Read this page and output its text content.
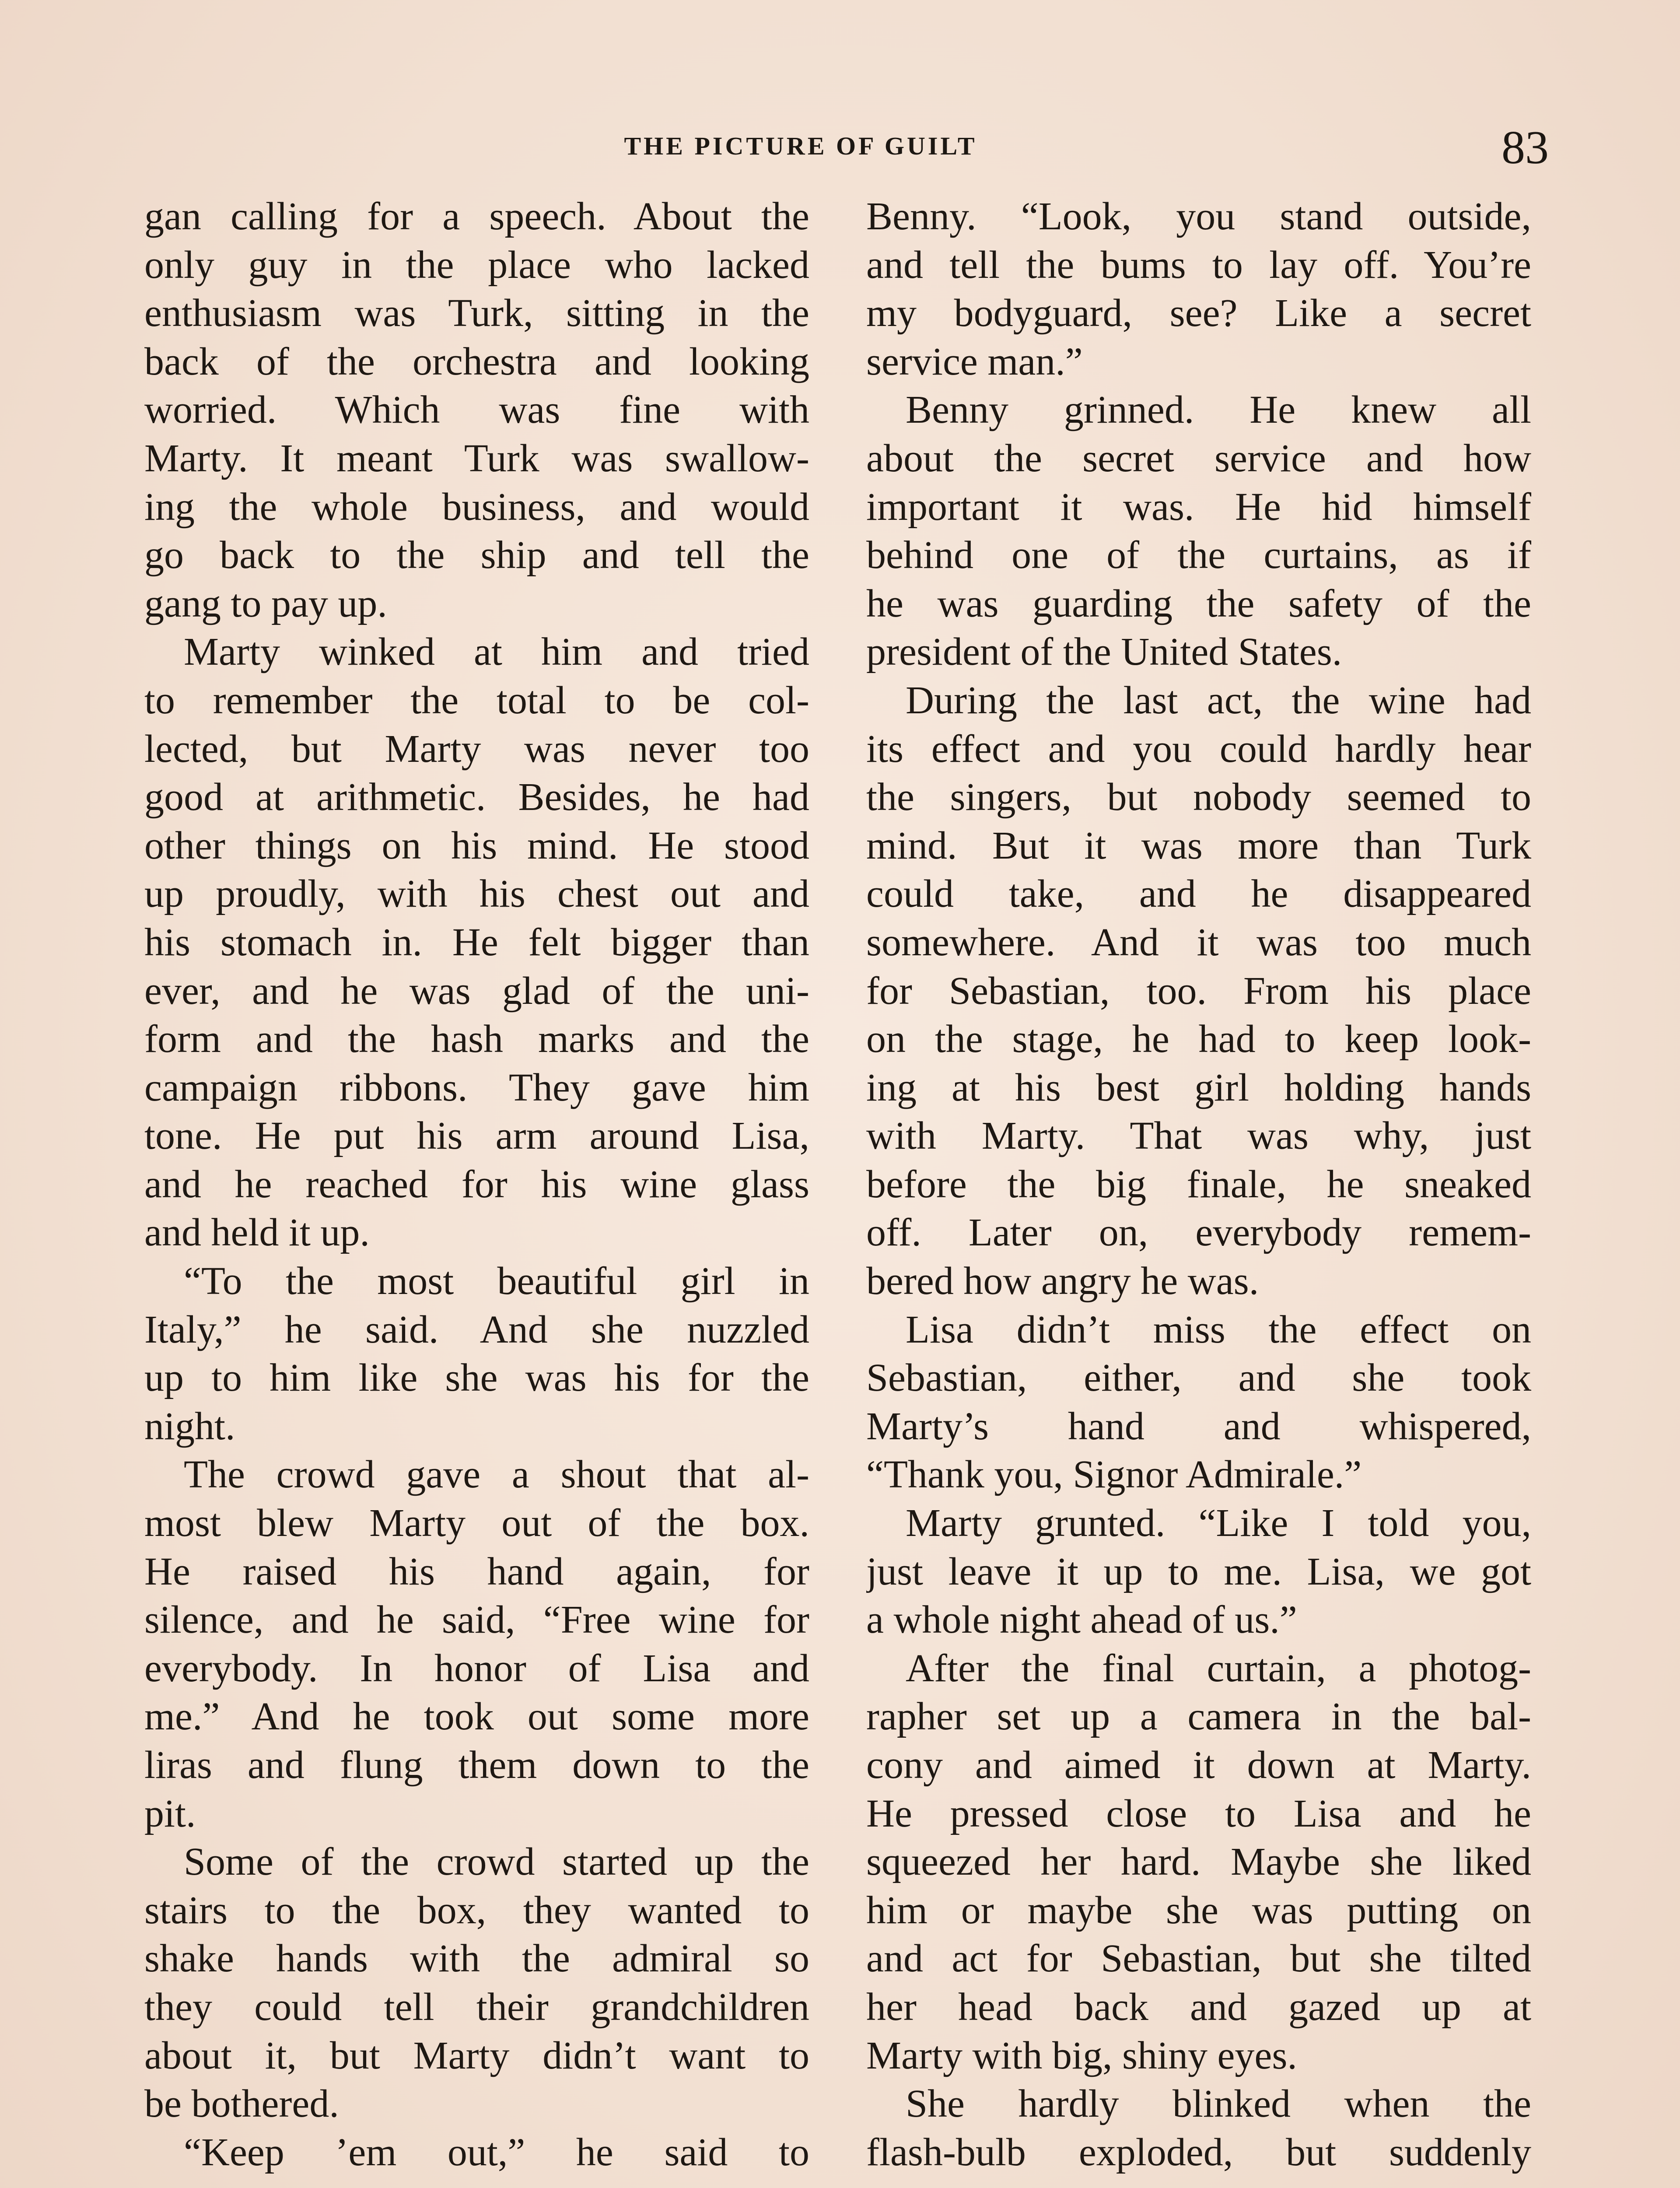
THE PICTURE OF GUILT	83
gan calling for a speech. About the
only guy in the place who lacked
enthusiasm was Turk, sitting in the
back of the orchestra and looking
worried. Which was fine with
Marty. It meant Turk was swallow-
ing the whole business, and would
go back to the ship and tell the
gang to pay up.
Marty winked at him and tried
to remember the total to be col-
lected, but Marty was never too
good at arithmetic. Besides, he had
other things on his mind. He stood
up proudly, with his chest out and
his stomach in. He felt bigger than
ever, and he was glad of the uni-
form and the hash marks and the
campaign ribbons. They gave him
tone. He put his arm around Lisa,
and he reached for his wine glass
and held it up.
“To the most beautiful girl in
Italy,” he said. And she nuzzled
up to him like she was his for the
night.
The crowd gave a shout that al-
most blew Marty out of the box.
He raised his hand again, for
silence, and he said, “Free wine for
everybody. In honor of Lisa and
me.” And he took out some more
liras and flung them down to the
pit.
Some of the crowd started up the
stairs to the box, they wanted to
shake hands with the admiral so
they could tell their grandchildren
about it, but Marty didn’t want to
be bothered.
“Keep ’em out,” he said to
Benny. “Look, you stand outside,
and tell the bums to lay off. You’re
my bodyguard, see? Like a secret
service man.”
Benny grinned. He knew all
about the secret service and how
important it was. He hid himself
behind one of the curtains, as if
he was guarding the safety of the
president of the United States.
During the last act, the wine had
its effect and you could hardly hear
the singers, but nobody seemed to
mind. But it was more than Turk
could take, and he disappeared
somewhere. And it was too much
for Sebastian, too. From his place
on the stage, he had to keep look-
ing at his best girl holding hands
with Marty. That was why, just
before the big finale, he sneaked
off. Later on, everybody remem-
bered how angry he was.
Lisa didn’t miss the effect on
Sebastian, either, and she took
Marty’s hand and whispered,
“Thank you, Signor Admirale.”
Marty grunted. “Like I told you,
just leave it up to me. Lisa, we got
a whole night ahead of us.”
After the final curtain, a photog-
rapher set up a camera in the bal-
cony and aimed it down at Marty.
He pressed close to Lisa and he
squeezed her hard. Maybe she liked
him or maybe she was putting on
and act for Sebastian, but she tilted
her head back and gazed up at
Marty with big, shiny eyes.
She hardly blinked when the
flash-bulb exploded, but suddenly
